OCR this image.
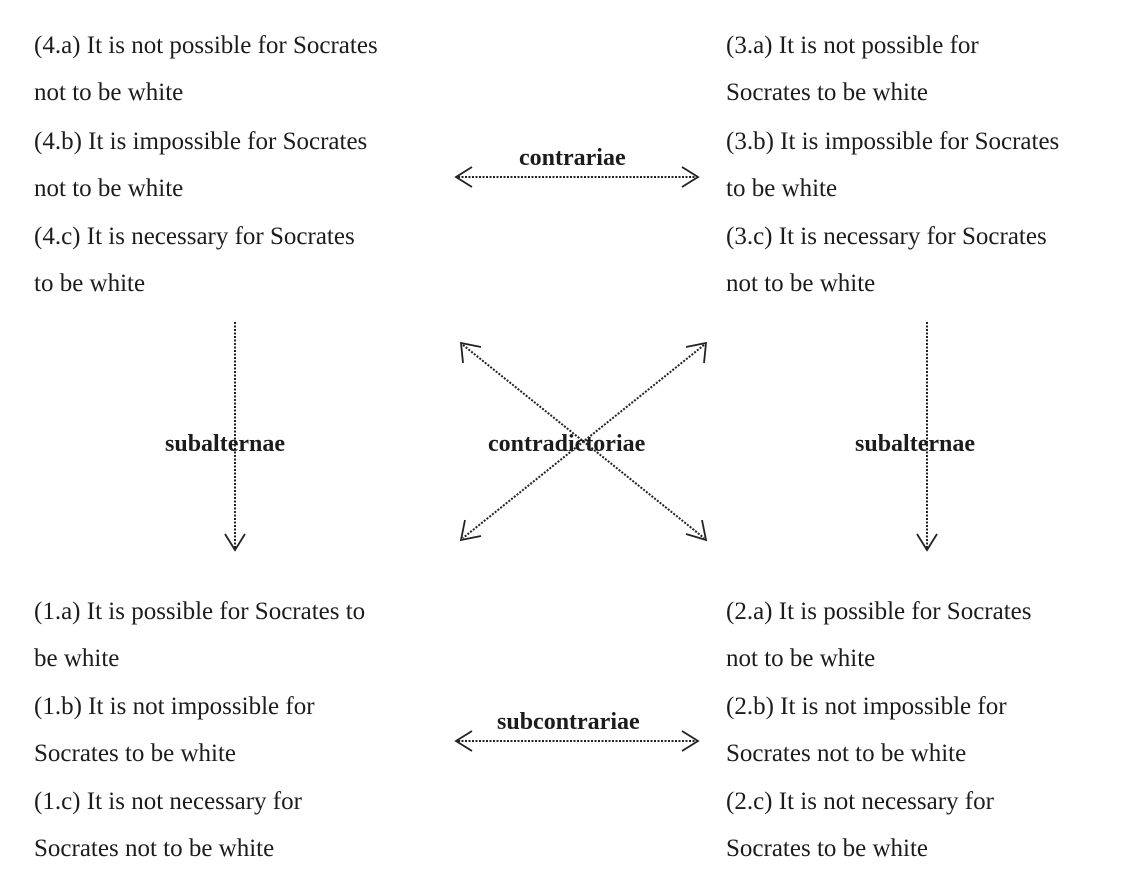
(4.a) It is not possible for Socrates
not to be white
(4.b) It is impossible for Socrates
not to be white
(4.c) It is necessary for Socrates
to be white
(3.a) It is not possible for
Socrates to be white
(3.b) It is impossible for Socrates
to be white
(3.c) It is necessary for Socrates
not to be white
(1.a) It is possible for Socrates to
be white
(1.b) It is not impossible for
Socrates to be white
(1.c) It is not necessary for
Socrates not to be white
(2.a) It is possible for Socrates
not to be white
(2.b) It is not impossible for
Socrates not to be white
(2.c) It is not necessary for
Socrates to be white
contrariae
subcontrariae
contradictoriae
subalternae	subalternae
